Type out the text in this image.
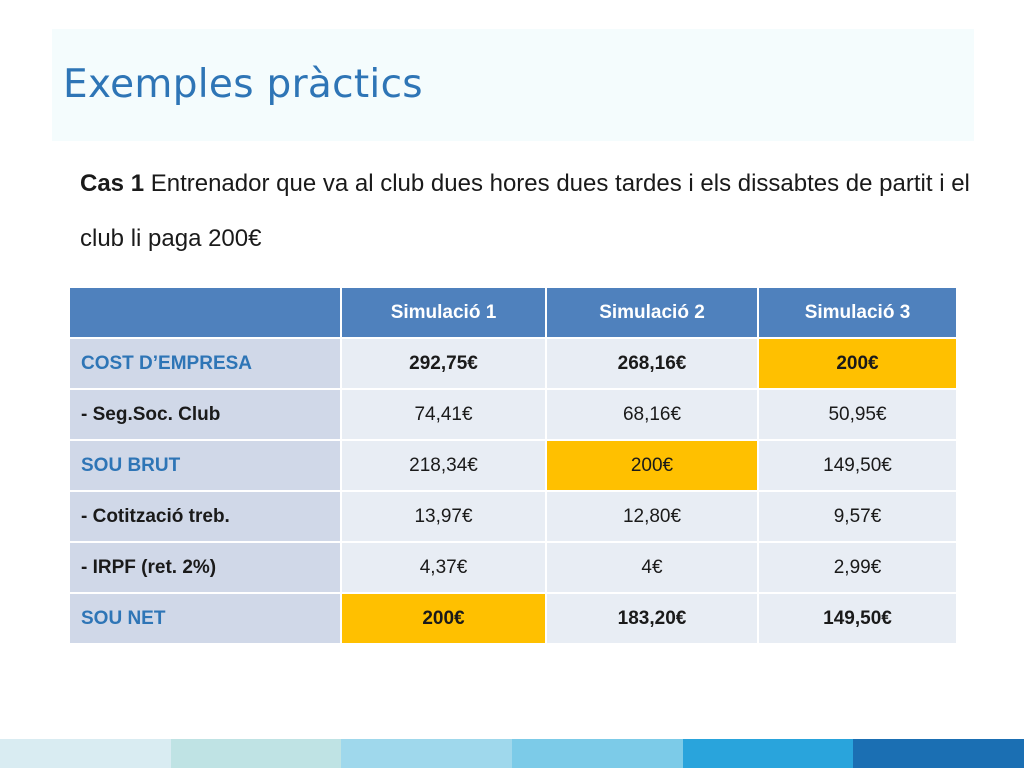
Exemples pràctics
Cas 1 Entrenador que va al club dues hores dues tardes i els dissabtes de partit i el club li paga 200€
	Simulació 1	Simulació 2	Simulació 3
COST D’EMPRESA	292,75€	268,16€	200€
- Seg.Soc. Club	74,41€	68,16€	50,95€
SOU BRUT	218,34€	200€	149,50€
- Cotització treb.	13,97€	12,80€	9,57€
- IRPF (ret. 2%)	4,37€	4€	2,99€
SOU NET	200€	183,20€	149,50€
